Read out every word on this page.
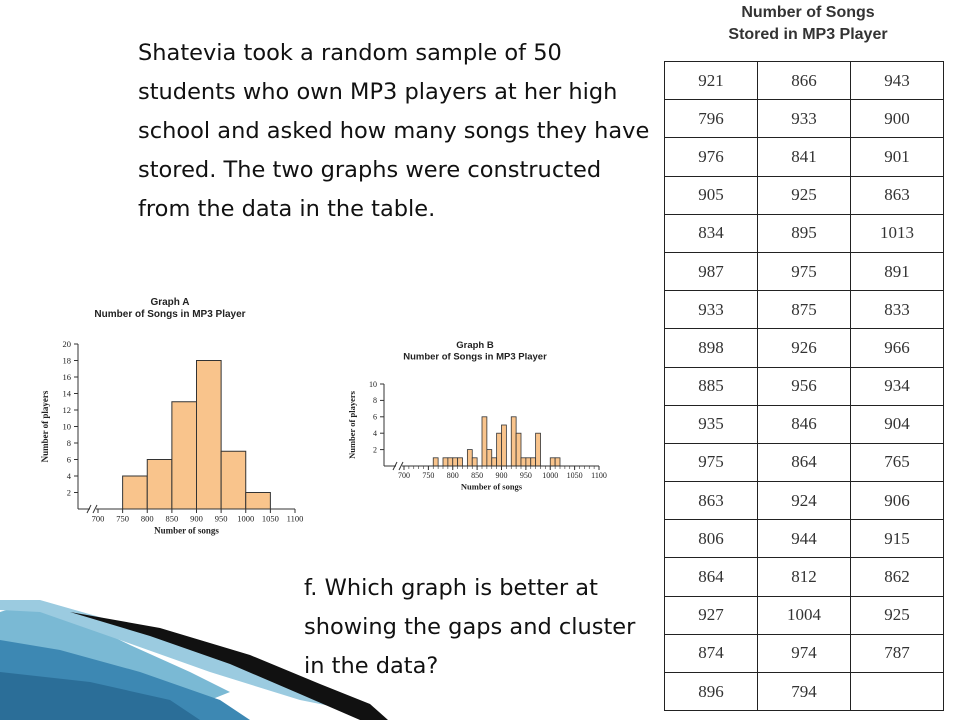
Shatevia took a random sample of 50 students who own MP3 players at her high school and asked how many songs they have stored. The two graphs were constructed from the data in the table.
f. Which graph is better at showing the gaps and cluster in the data?
Number of Songs
Stored in MP3 Player
921	866	943
796	933	900
976	841	901
905	925	863
834	895	1013
987	975	891
933	875	833
898	926	966
885	956	934
935	846	904
975	864	765
863	924	906
806	944	915
864	812	862
927	1004	925
874	974	787
896	794	
Graph A
Number of Songs in MP3 Player
700 750 800 850 900 950 1000 1050 1100
2
4
6
8
10
12
14
16
18
20
Number of songs
Number of players
Graph B
Number of Songs in MP3 Player
700 750 800 850 900 950 1000 1050 1100
2
4
6
8
10
Number of songs
Number of players
